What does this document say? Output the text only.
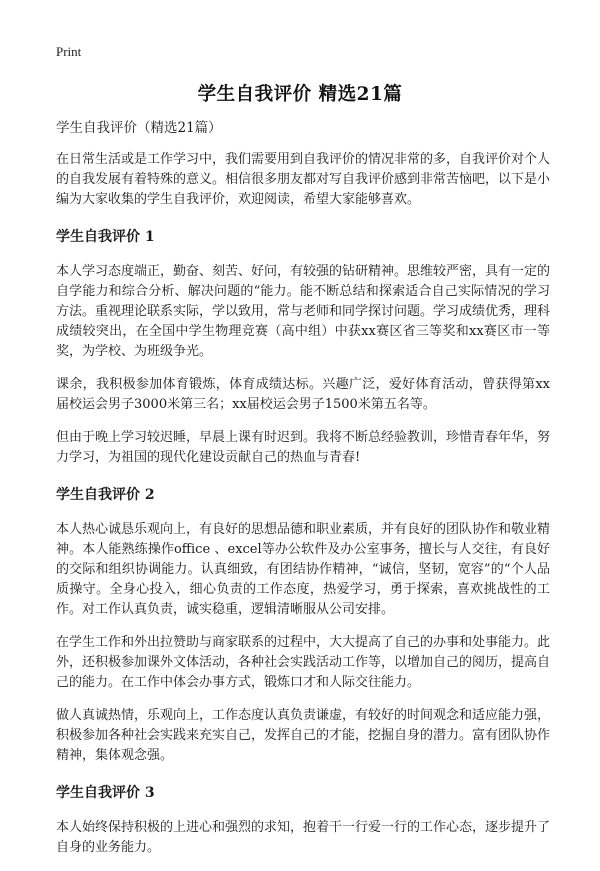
Print
学生自我评价 精选21篇

学生自我评价（精选21篇）

在日常生活或是工作学习中，我们需要用到自我评价的情况非常的多，自我评价对个人的自我发展有着特殊的意义。相信很多朋友都对写自我评价感到非常苦恼吧，以下是小编为大家收集的学生自我评价，欢迎阅读，希望大家能够喜欢。

学生自我评价 1

本人学习态度端正，勤奋、刻苦、好问，有较强的钻研精神。思维较严密，具有一定的自学能力和综合分析、解决问题的“能力。能不断总结和探索适合自己实际情况的学习方法。重视理论联系实际，学以致用，常与老师和同学探讨问题。学习成绩优秀，理科成绩较突出，在全国中学生物理竞赛（高中组）中获xx赛区省三等奖和xx赛区市一等奖，为学校、为班级争光。

课余，我积极参加体育锻炼，体育成绩达标。兴趣广泛，爱好体育活动，曾获得第xx届校运会男子3000米第三名；xx届校运会男子1500米第五名等。

但由于晚上学习较迟睡，早晨上课有时迟到。我将不断总经验教训，珍惜青春年华，努力学习，为祖国的现代化建设贡献自己的热血与青春!

学生自我评价 2

本人热心诚恳乐观向上，有良好的思想品德和职业素质，并有良好的团队协作和敬业精神。本人能熟练操作office 、excel等办公软件及办公室事务，擅长与人交往，有良好的交际和组织协调能力。认真细致，有团结协作精神，“诚信，坚韧，宽容”的“个人品质操守。全身心投入，细心负责的工作态度，热爱学习，勇于探索，喜欢挑战性的工作。对工作认真负责，诚实稳重，逻辑清晰服从公司安排。

在学生工作和外出拉赞助与商家联系的过程中，大大提高了自己的办事和处事能力。此外，还积极参加课外文体活动，各种社会实践活动工作等，以增加自己的阅历，提高自己的能力。在工作中体会办事方式，锻炼口才和人际交往能力。

做人真诚热情，乐观向上，工作态度认真负责谦虚，有较好的时间观念和适应能力强，积极参加各种社会实践来充实自己，发挥自己的才能，挖掘自身的潜力。富有团队协作精神，集体观念强。

学生自我评价 3

本人始终保持积极的上进心和强烈的求知，抱着干一行爱一行的工作心态，逐步提升了自身的业务能力。
